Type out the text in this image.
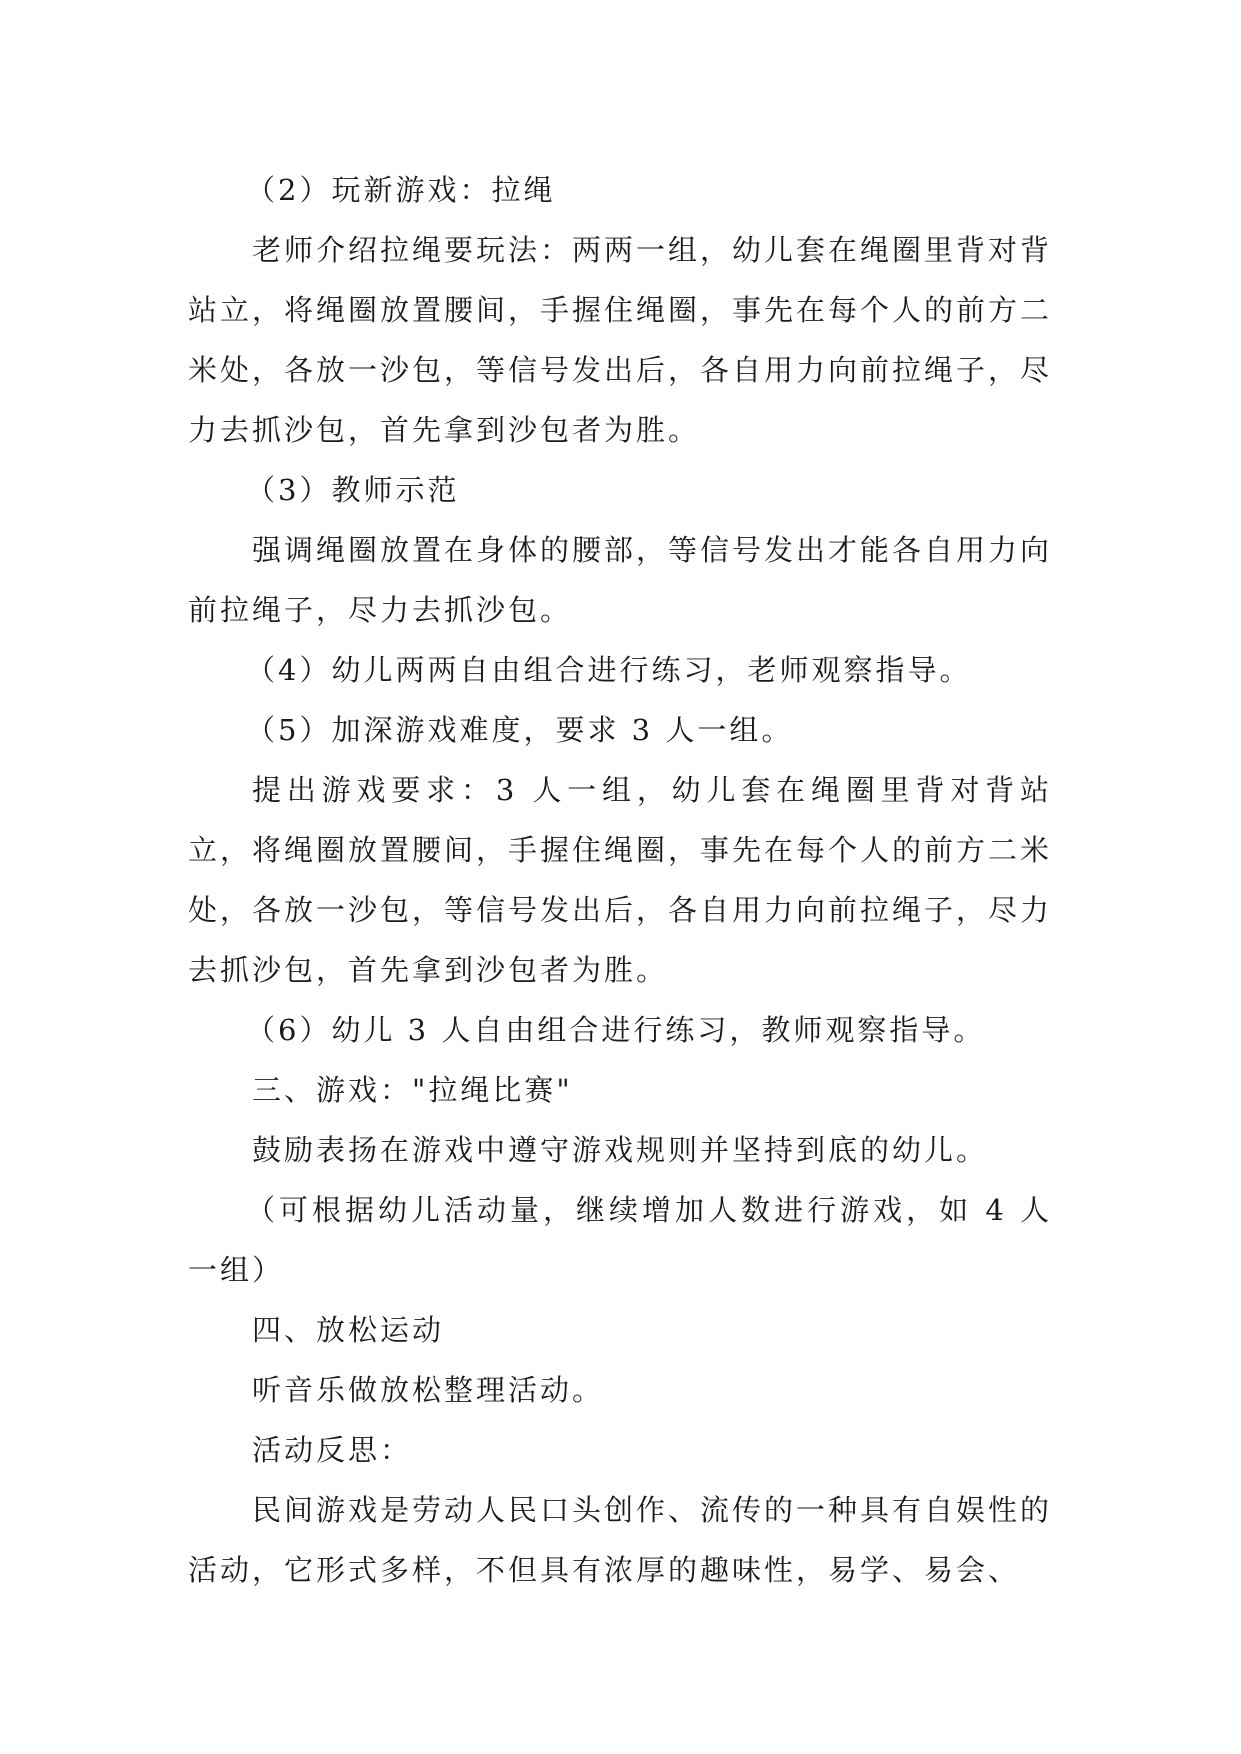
（2）玩新游戏：拉绳

老师介绍拉绳要玩法：两两一组，幼儿套在绳圈里背对背站立，将绳圈放置腰间，手握住绳圈，事先在每个人的前方二米处，各放一沙包，等信号发出后，各自用力向前拉绳子，尽力去抓沙包，首先拿到沙包者为胜。

（3）教师示范

强调绳圈放置在身体的腰部，等信号发出才能各自用力向前拉绳子，尽力去抓沙包。

（4）幼儿两两自由组合进行练习，老师观察指导。

（5）加深游戏难度，要求 3 人一组。

提出游戏要求：3 人一组，幼儿套在绳圈里背对背站立，将绳圈放置腰间，手握住绳圈，事先在每个人的前方二米处，各放一沙包，等信号发出后，各自用力向前拉绳子，尽力去抓沙包，首先拿到沙包者为胜。

（6）幼儿 3 人自由组合进行练习，教师观察指导。

三、游戏："拉绳比赛"

鼓励表扬在游戏中遵守游戏规则并坚持到底的幼儿。

（可根据幼儿活动量，继续增加人数进行游戏，如 4 人一组）

四、放松运动

听音乐做放松整理活动。

活动反思：

民间游戏是劳动人民口头创作、流传的一种具有自娱性的活动，它形式多样，不但具有浓厚的趣味性，易学、易会、
